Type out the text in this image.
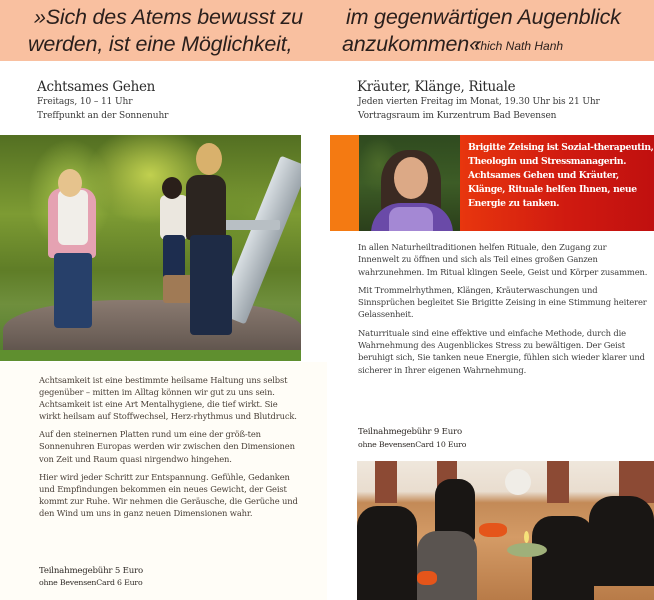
»Sich des Atems bewusst zu
werden, ist eine Möglichkeit,
im gegenwärtigen Augenblick
anzukommen«
Thich Nath Hanh
Achtsames Gehen
Freitags, 10 – 11 Uhr
Treffpunkt an der Sonnenuhr

Achtsamkeit ist eine bestimmte heilsame Haltung uns selbst gegenüber – mitten im Alltag können wir gut zu uns sein. Achtsamkeit ist eine Art Mentalhygiene, die tief wirkt. Sie wirkt heilsam auf Stoffwechsel, Herz-rhythmus und Blutdruck.

Auf den steinernen Platten rund um eine der größ-ten Sonnenuhren Europas werden wir zwischen den Dimensionen von Zeit und Raum quasi nirgendwo hingehen.

Hier wird jeder Schritt zur Entspannung. Gefühle, Gedanken und Empfindungen bekommen ein neues Gewicht, der Geist kommt zur Ruhe. Wir nehmen die Geräusche, die Gerüche und den Wind um uns in ganz neuen Dimensionen wahr.

Teilnahmegebühr 5 Euro
ohne BevensenCard 6 Euro
Kräuter, Klänge, Rituale
Jeden vierten Freitag im Monat, 19.30 Uhr bis 21 Uhr
Vortragsraum im Kurzentrum Bad Bevensen
Brigitte Zeising ist Sozial-therapeutin, Theologin und Stressmanagerin. Achtsames Gehen und Kräuter, Klänge, Rituale helfen Ihnen, neue Energie zu tanken.

In allen Naturheiltraditionen helfen Rituale, den Zugang zur Innenwelt zu öffnen und sich als Teil eines großen Ganzen wahrzunehmen. Im Ritual klingen Seele, Geist und Körper zusammen.

Mit Trommelrhythmen, Klängen, Kräuterwaschungen und Sinnsprüchen begleitet Sie Brigitte Zeising in eine Stimmung heiterer Gelassenheit.

Naturrituale sind eine effektive und einfache Methode, durch die Wahrnehmung des Augenblickes Stress zu bewältigen. Der Geist beruhigt sich, Sie tanken neue Energie, fühlen sich wieder klarer und sicherer in Ihrer eigenen Wahrnehmung.

Teilnahmegebühr 9 Euro
ohne BevensenCard 10 Euro
